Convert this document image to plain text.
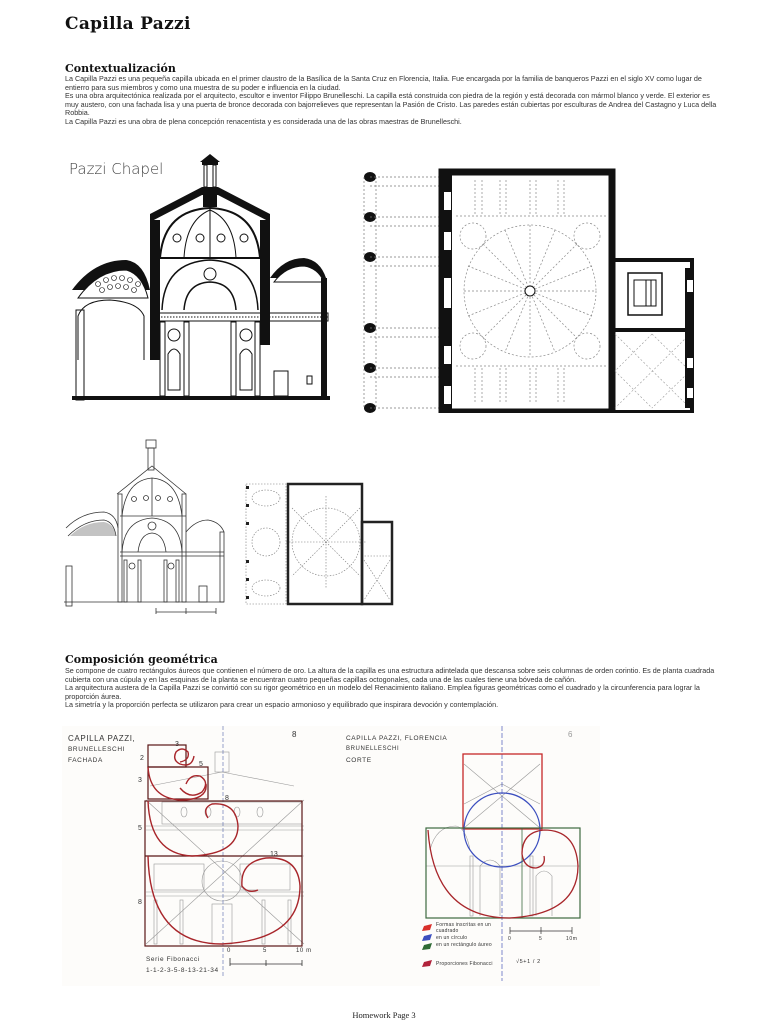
Capilla Pazzi
Contextualización

La Capilla Pazzi es una pequeña capilla ubicada en el primer claustro de la Basílica de la Santa Cruz en Florencia, Italia. Fue encargada por la familia de banqueros Pazzi en el siglo XV como lugar de entierro para sus miembros y como una muestra de su poder e influencia en la ciudad.

Es una obra arquitectónica realizada por el arquitecto, escultor e inventor Filippo Brunelleschi. La capilla está construida con piedra de la región y está decorada con mármol blanco y verde. El exterior es muy austero, con una fachada lisa y una puerta de bronce decorada con bajorrelieves que representan la Pasión de Cristo. Las paredes están cubiertas por esculturas de Andrea del Castagno y Luca della Robbia.

La Capilla Pazzi es una obra de plena concepción renacentista y es considerada una de las obras maestras de Brunelleschi.

Pazzi Chapel
Composición geométrica

Se compone de cuatro rectángulos áureos que contienen el número de oro. La altura de la capilla es una estructura adintelada que descansa sobre seis columnas de orden corintio. Es de planta cuadrada cubierta con una cúpula y en las esquinas de la planta se encuentran cuatro pequeñas capillas octogonales, cada una de las cuales tiene una bóveda de cañón.

La arquitectura austera de la Capilla Pazzi se convirtió con su rigor geométrico en un modelo del Renacimiento italiano. Emplea figuras geométricas como el cuadrado y la circunferencia para lograr la proporción áurea.

La simetría y la proporción perfecta se utilizaron para crear un espacio armonioso y equilibrado que inspirara devoción y contemplación.

CAPILLA PAZZI,
BRUNELLESCHI
FACHADA
8
2
3
5
8
3
5
8
13
0	5	10 m
Serie Fibonacci
1-1-2-3-5-8-13-21-34
CAPILLA PAZZI, FLORENCIA
BRUNELLESCHI
CORTE
6
Formas inscritas en un cuadrado
en un círculo
en un rectángulo áureo
Proporciones Fibonacci	√5+1 / 2
0	5	10m
Homework Page 3
